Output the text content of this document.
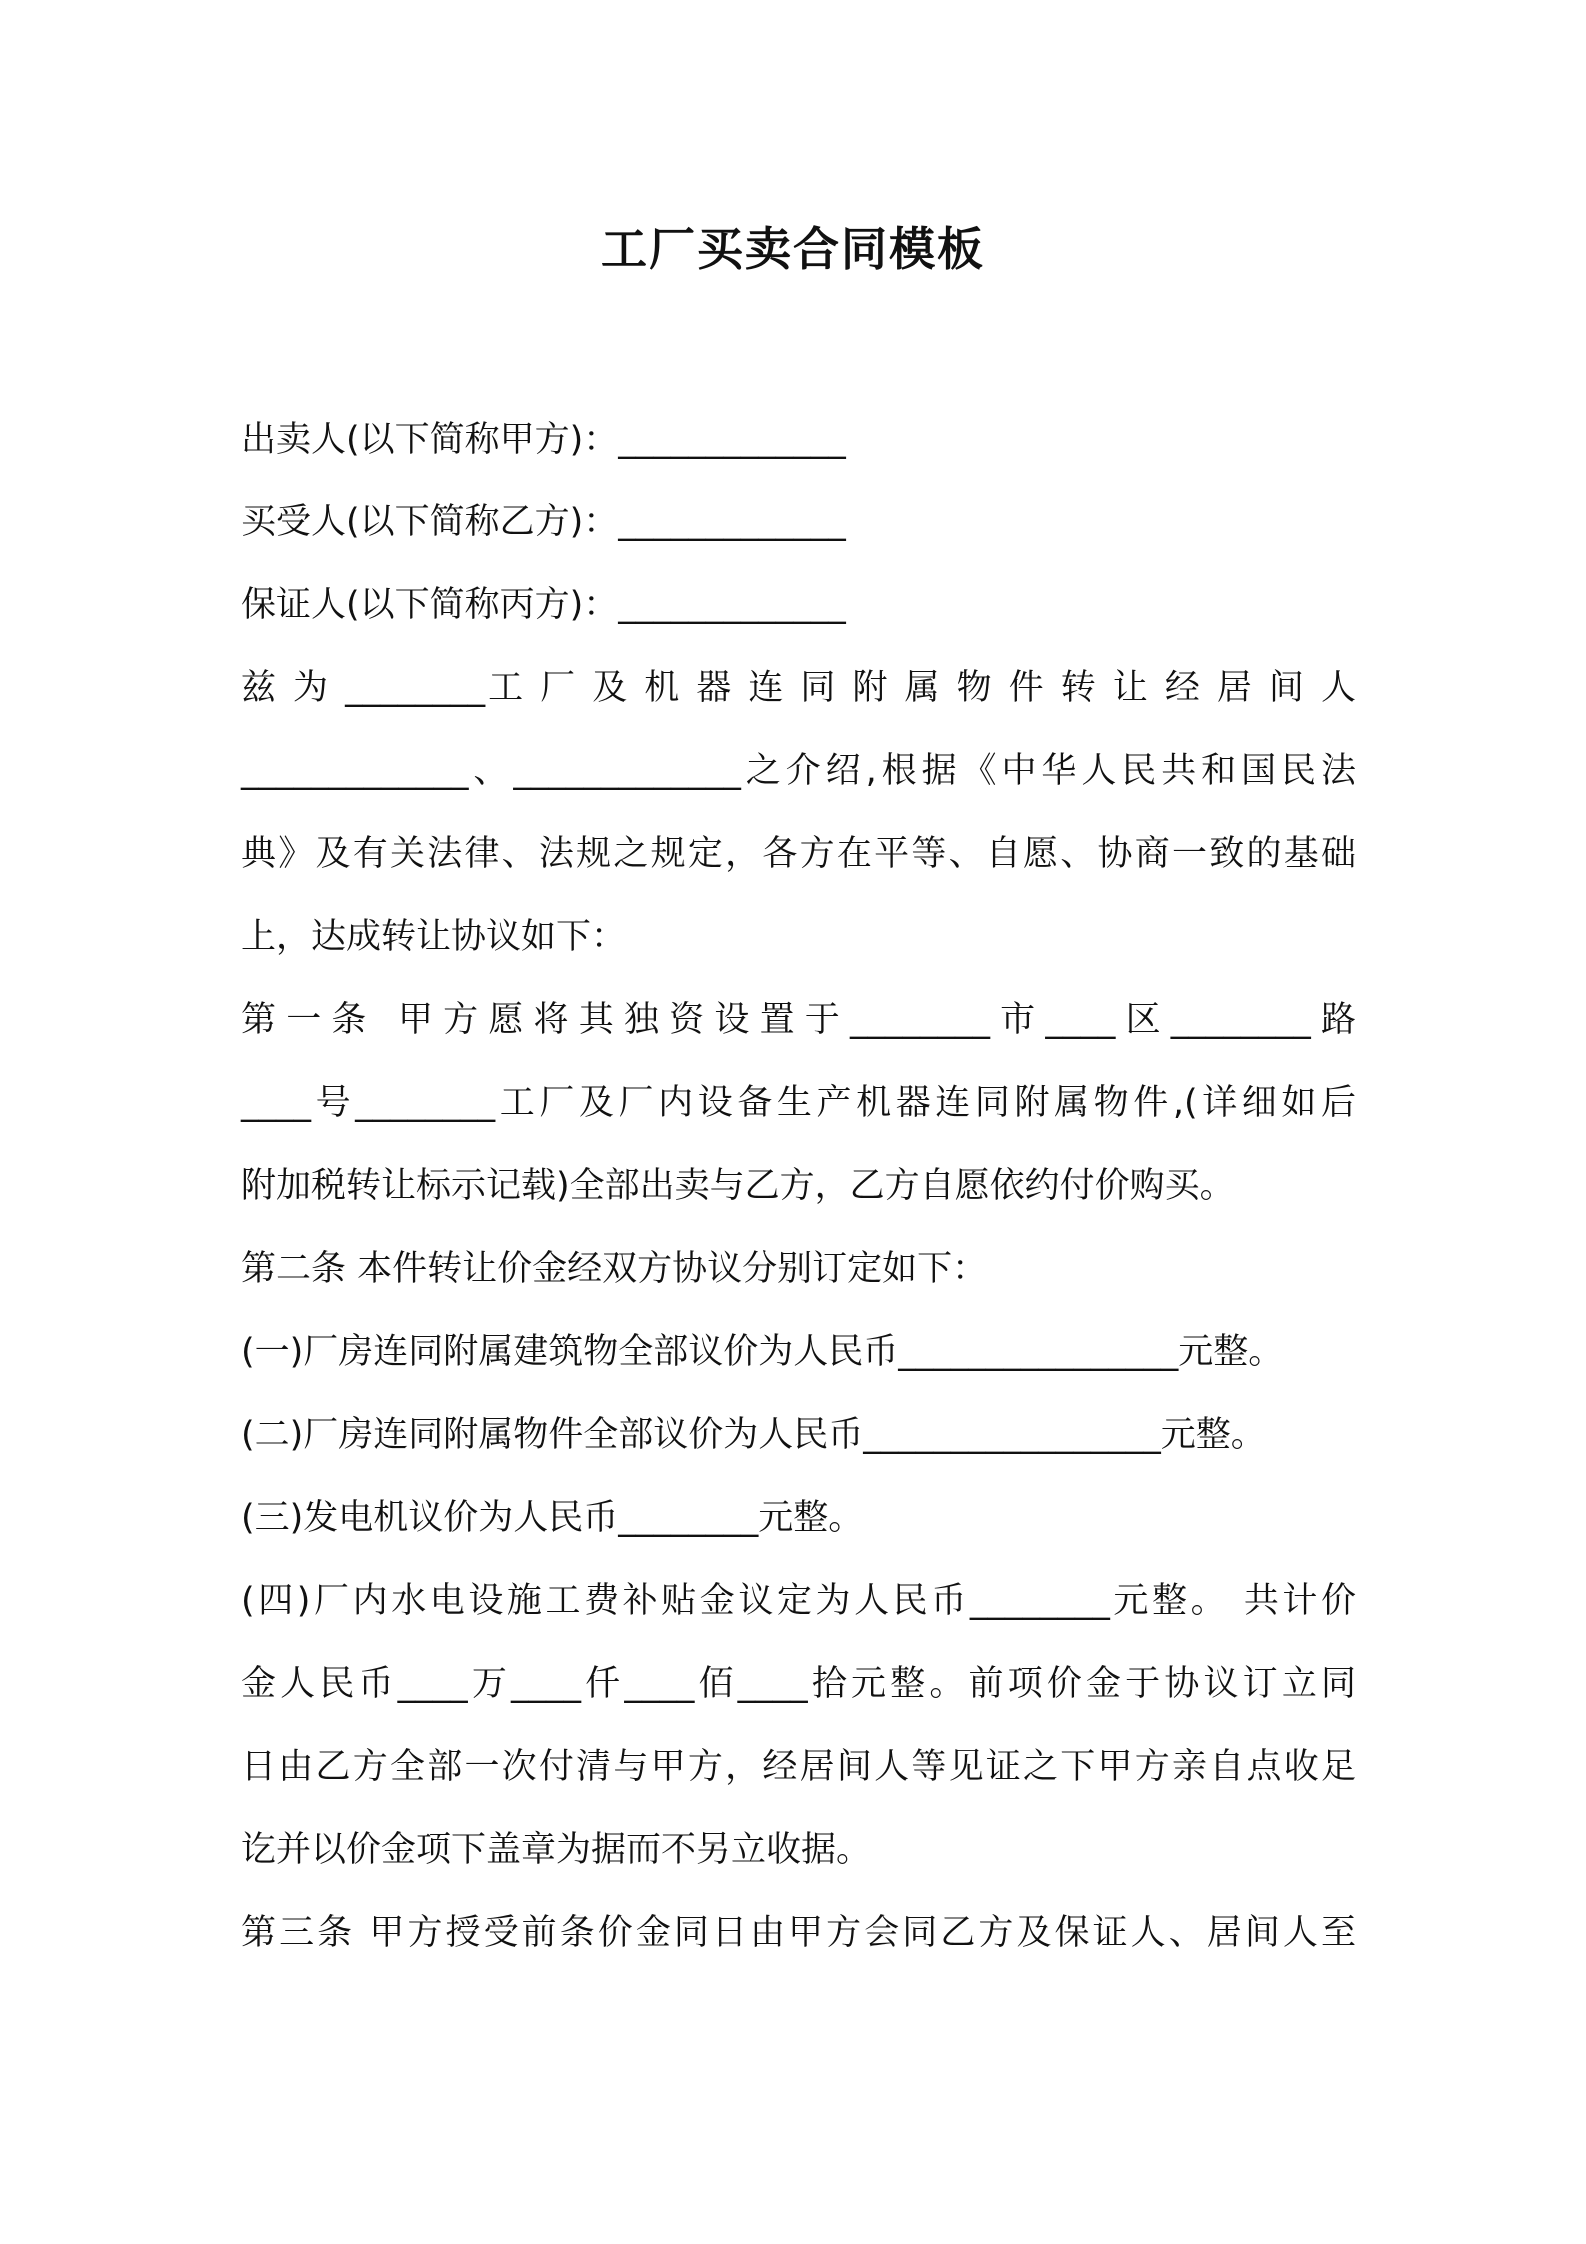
工厂买卖合同模板
出卖人(以下简称甲方)：_____________
买受人(以下简称乙方)：_____________
保证人(以下简称丙方)：_____________
兹 为 ________工 厂 及 机 器 连 同 附 属 物 件 转 让 经 居 间 人
_____________、_____________之介绍,根据《中华人民共和国民法
典》及有关法律、法规之规定，各方在平等、自愿、协商一致的基础
上，达成转让协议如下：
第一条 甲方愿将其独资设置于________市____区________路
____号________工厂及厂内设备生产机器连同附属物件,(详细如后
附加税转让标示记载)全部出卖与乙方，乙方自愿依约付价购买。
第二条 本件转让价金经双方协议分别订定如下：
(一)厂房连同附属建筑物全部议价为人民币________________元整。
(二)厂房连同附属物件全部议价为人民币_________________元整。
(三)发电机议价为人民币________元整。
(四)厂内水电设施工费补贴金议定为人民币________元整。 共计价
金人民币____万____仟____佰____拾元整。前项价金于协议订立同
日由乙方全部一次付清与甲方，经居间人等见证之下甲方亲自点收足
讫并以价金项下盖章为据而不另立收据。
第三条 甲方授受前条价金同日由甲方会同乙方及保证人、居间人至
